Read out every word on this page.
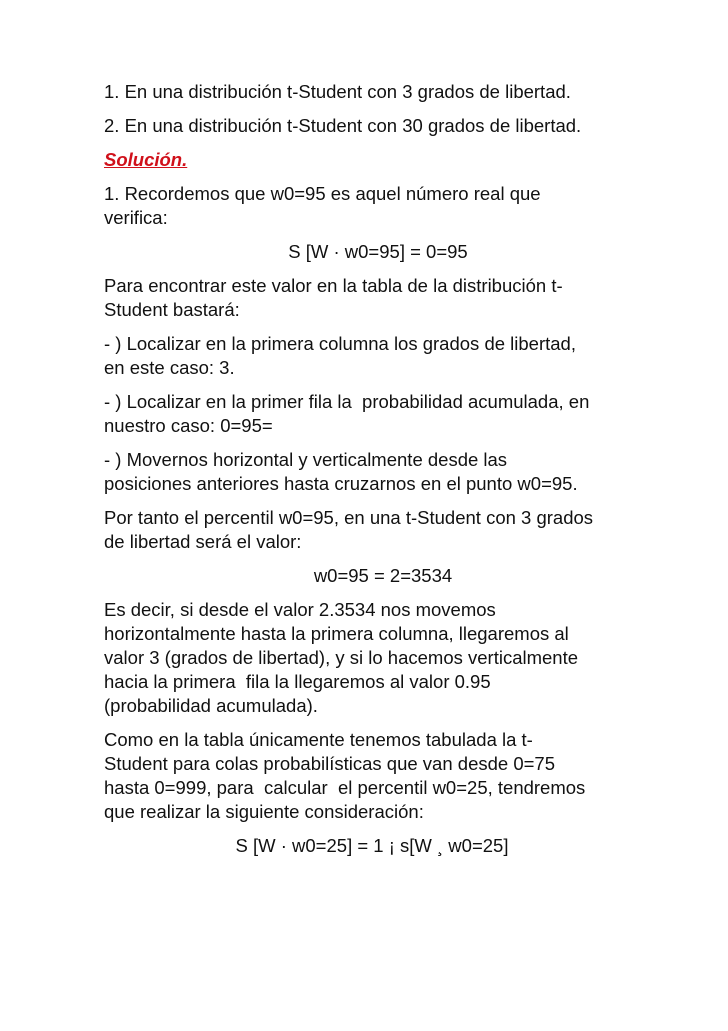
1. En una distribución t-Student con 3 grados de libertad.
2. En una distribución t-Student con 30 grados de libertad.
Solución.
1. Recordemos que w0=95 es aquel número real que
verifica:
S [W · w0=95] = 0=95
Para encontrar este valor en la tabla de la distribución t-
Student bastará:
- ) Localizar en la primera columna los grados de libertad,
en este caso: 3.
- ) Localizar en la primer fila la  probabilidad acumulada, en
nuestro caso: 0=95=
- ) Movernos horizontal y verticalmente desde las
posiciones anteriores hasta cruzarnos en el punto w0=95.
Por tanto el percentil w0=95, en una t-Student con 3 grados
de libertad será el valor:
w0=95 = 2=3534
Es decir, si desde el valor 2.3534 nos movemos
horizontalmente hasta la primera columna, llegaremos al
valor 3 (grados de libertad), y si lo hacemos verticalmente
hacia la primera  fila la llegaremos al valor 0.95
(probabilidad acumulada).
Como en la tabla únicamente tenemos tabulada la t-
Student para colas probabilísticas que van desde 0=75
hasta 0=999, para  calcular  el percentil w0=25, tendremos
que realizar la siguiente consideración:
S [W · w0=25] = 1 ¡ s[W ¸ w0=25]
